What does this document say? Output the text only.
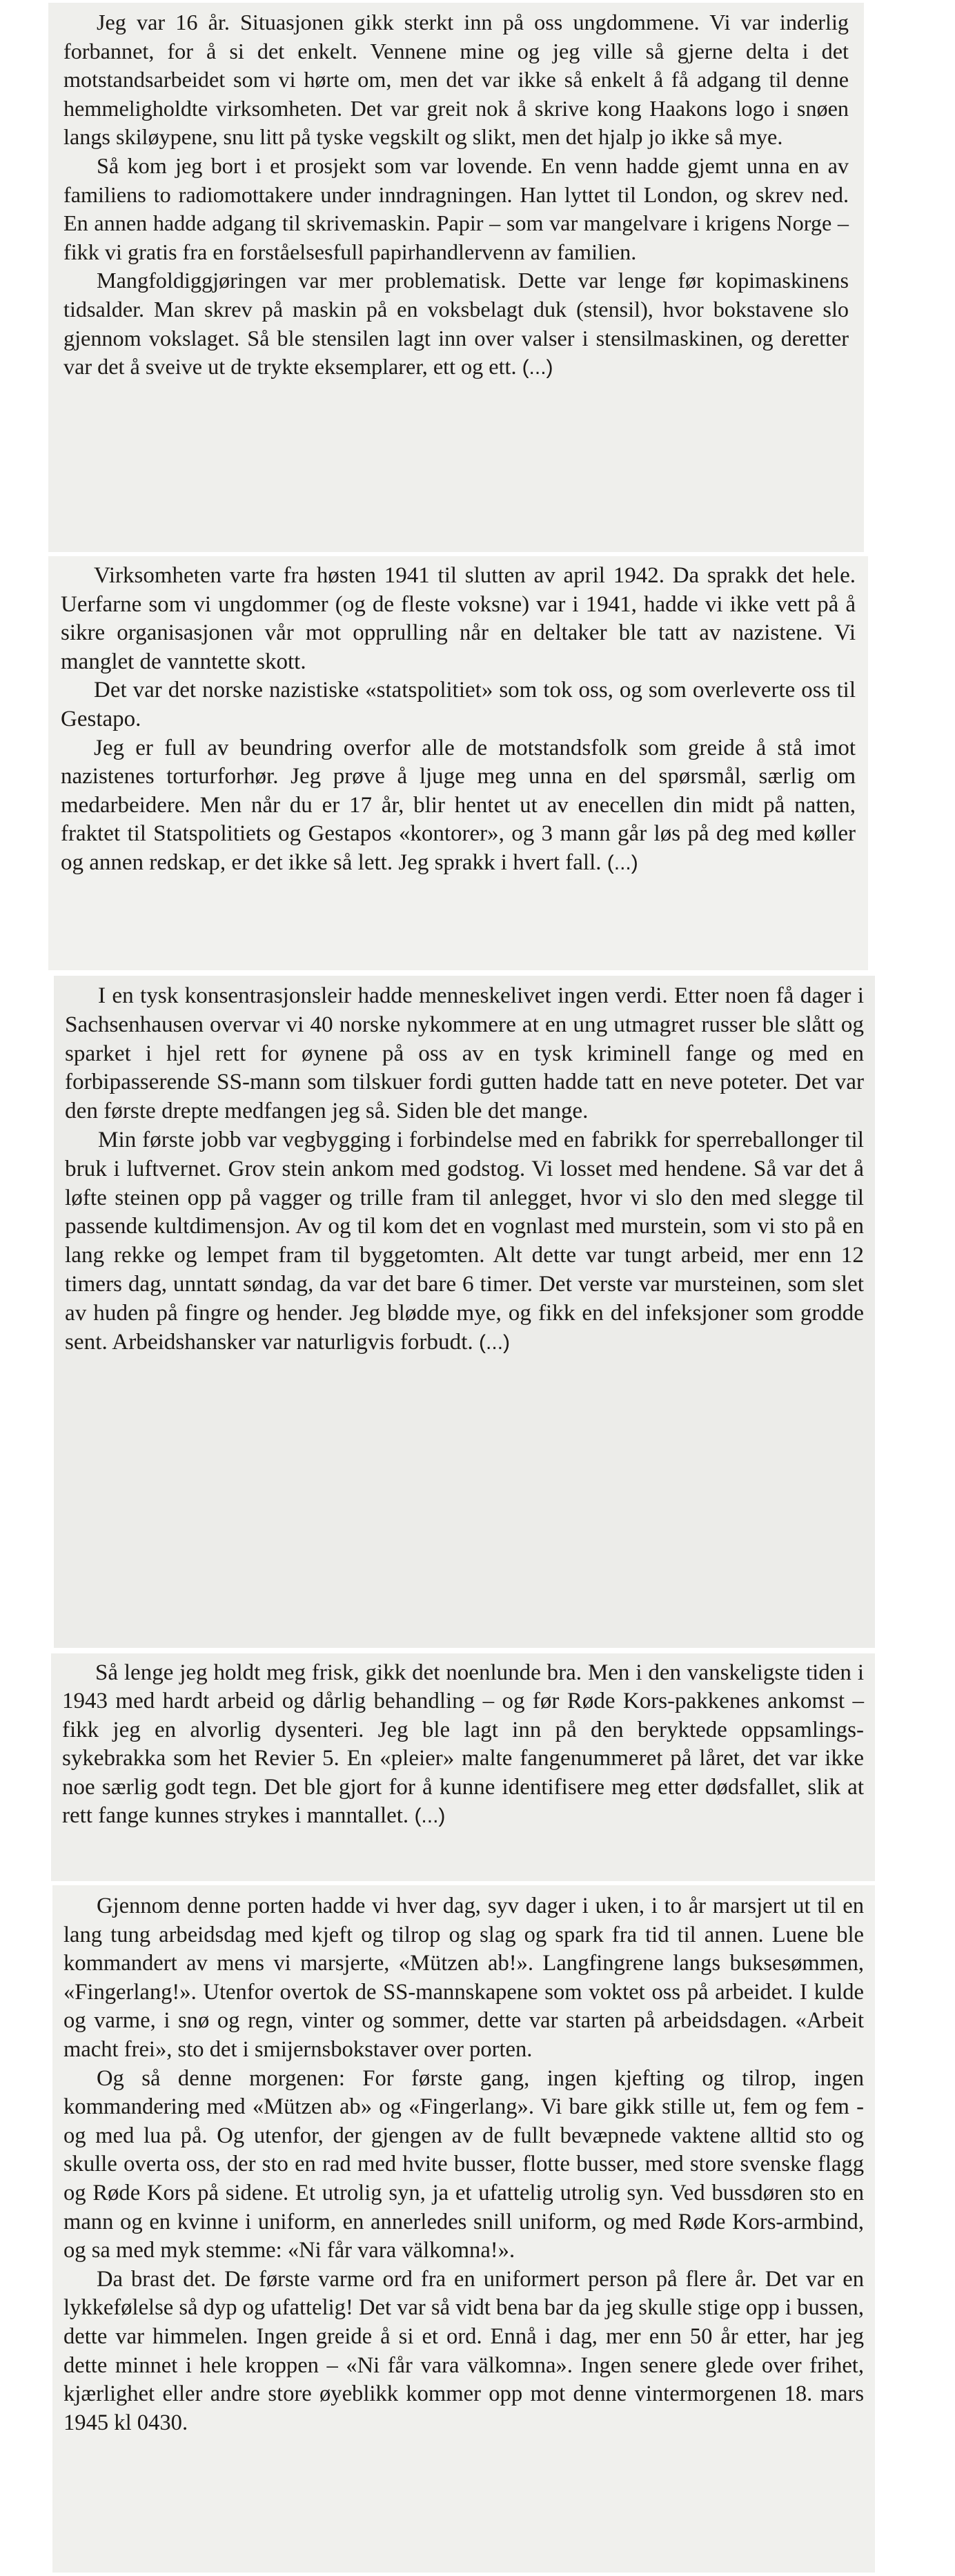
Jeg var 16 år. Situasjonen gikk sterkt inn på oss ungdommene. Vi var inderlig forbannet, for å si det enkelt. Vennene mine og jeg ville så gjerne delta i det motstandsarbeidet som vi hørte om, men det var ikke så enkelt å få adgang til denne hemmeligholdte virksomheten. Det var greit nok å skrive kong Haakons logo i snøen langs skiløypene, snu litt på tyske vegskilt og slikt, men det hjalp jo ikke så mye.

Så kom jeg bort i et prosjekt som var lovende. En venn hadde gjemt unna en av familiens to radiomottakere under inndragningen. Han lyttet til London, og skrev ned. En annen hadde adgang til skrivemaskin. Papir – som var mangelvare i krigens Norge – fikk vi gratis fra en forståelsesfull papirhandlervenn av familien.

Mangfoldiggjøringen var mer problematisk. Dette var lenge før kopimaskinens tidsalder. Man skrev på maskin på en voksbelagt duk (stensil), hvor bokstavene slo gjennom vokslaget. Så ble stensilen lagt inn over valser i stensilmaskinen, og deretter var det å sveive ut de trykte eksemplarer, ett og ett. (...)

Virksomheten varte fra høsten 1941 til slutten av april 1942. Da sprakk det hele. Uerfarne som vi ungdommer (og de fleste voksne) var i 1941, hadde vi ikke vett på å sikre organisasjonen vår mot opprulling når en deltaker ble tatt av nazistene. Vi manglet de vanntette skott.

Det var det norske nazistiske «statspolitiet» som tok oss, og som overleverte oss til Gestapo.

Jeg er full av beundring overfor alle de motstandsfolk som greide å stå imot nazistenes torturforhør. Jeg prøve å ljuge meg unna en del spørsmål, særlig om medarbeidere. Men når du er 17 år, blir hentet ut av enecellen din midt på natten, fraktet til Statspolitiets og Gestapos «kontorer», og 3 mann går løs på deg med køller og annen redskap, er det ikke så lett. Jeg sprakk i hvert fall. (...)

I en tysk konsentrasjonsleir hadde menneskelivet ingen verdi. Etter noen få dager i Sachsenhausen overvar vi 40 norske nykommere at en ung utmagret russer ble slått og sparket i hjel rett for øynene på oss av en tysk kriminell fange og med en forbipasserende SS-mann som tilskuer fordi gutten hadde tatt en neve poteter. Det var den første drepte medfangen jeg så. Siden ble det mange.

Min første jobb var vegbygging i forbindelse med en fabrikk for sperreballonger til bruk i luftvernet. Grov stein ankom med godstog. Vi losset med hendene. Så var det å løfte steinen opp på vagger og trille fram til anlegget, hvor vi slo den med slegge til passende kultdimensjon. Av og til kom det en vognlast med murstein, som vi sto på en lang rekke og lempet fram til byggetomten. Alt dette var tungt arbeid, mer enn 12 timers dag, unntatt søndag, da var det bare 6 timer. Det verste var mursteinen, som slet av huden på fingre og hender. Jeg blødde mye, og fikk en del infeksjoner som grodde sent. Arbeidshansker var naturligvis forbudt. (...)

Så lenge jeg holdt meg frisk, gikk det noenlunde bra. Men i den vanskeligste tiden i 1943 med hardt arbeid og dårlig behandling – og før Røde Kors-pakkenes ankomst – fikk jeg en alvorlig dysenteri. Jeg ble lagt inn på den beryktede oppsamlings-sykebrakka som het Revier 5. En «pleier» malte fangenummeret på låret, det var ikke noe særlig godt tegn. Det ble gjort for å kunne identifisere meg etter dødsfallet, slik at rett fange kunnes strykes i manntallet. (...)

Gjennom denne porten hadde vi hver dag, syv dager i uken, i to år marsjert ut til en lang tung arbeidsdag med kjeft og tilrop og slag og spark fra tid til annen. Luene ble kommandert av mens vi marsjerte, «Mützen ab!». Langfingrene langs buksesømmen, «Fingerlang!». Utenfor overtok de SS-mannskapene som voktet oss på arbeidet. I kulde og varme, i snø og regn, vinter og sommer, dette var starten på arbeidsdagen. «Arbeit macht frei», sto det i smijernsbokstaver over porten.

Og så denne morgenen: For første gang, ingen kjefting og tilrop, ingen kommandering med «Mützen ab» og «Fingerlang». Vi bare gikk stille ut, fem og fem - og med lua på. Og utenfor, der gjengen av de fullt bevæpnede vaktene alltid sto og skulle overta oss, der sto en rad med hvite busser, flotte busser, med store svenske flagg og Røde Kors på sidene. Et utrolig syn, ja et ufattelig utrolig syn. Ved bussdøren sto en mann og en kvinne i uniform, en annerledes snill uniform, og med Røde Kors-armbind, og sa med myk stemme: «Ni får vara välkomna!».

Da brast det. De første varme ord fra en uniformert person på flere år. Det var en lykkefølelse så dyp og ufattelig! Det var så vidt bena bar da jeg skulle stige opp i bussen, dette var himmelen. Ingen greide å si et ord. Ennå i dag, mer enn 50 år etter, har jeg dette minnet i hele kroppen – «Ni får vara välkomna». Ingen senere glede over frihet, kjærlighet eller andre store øyeblikk kommer opp mot denne vintermorgenen 18. mars 1945 kl 0430.
